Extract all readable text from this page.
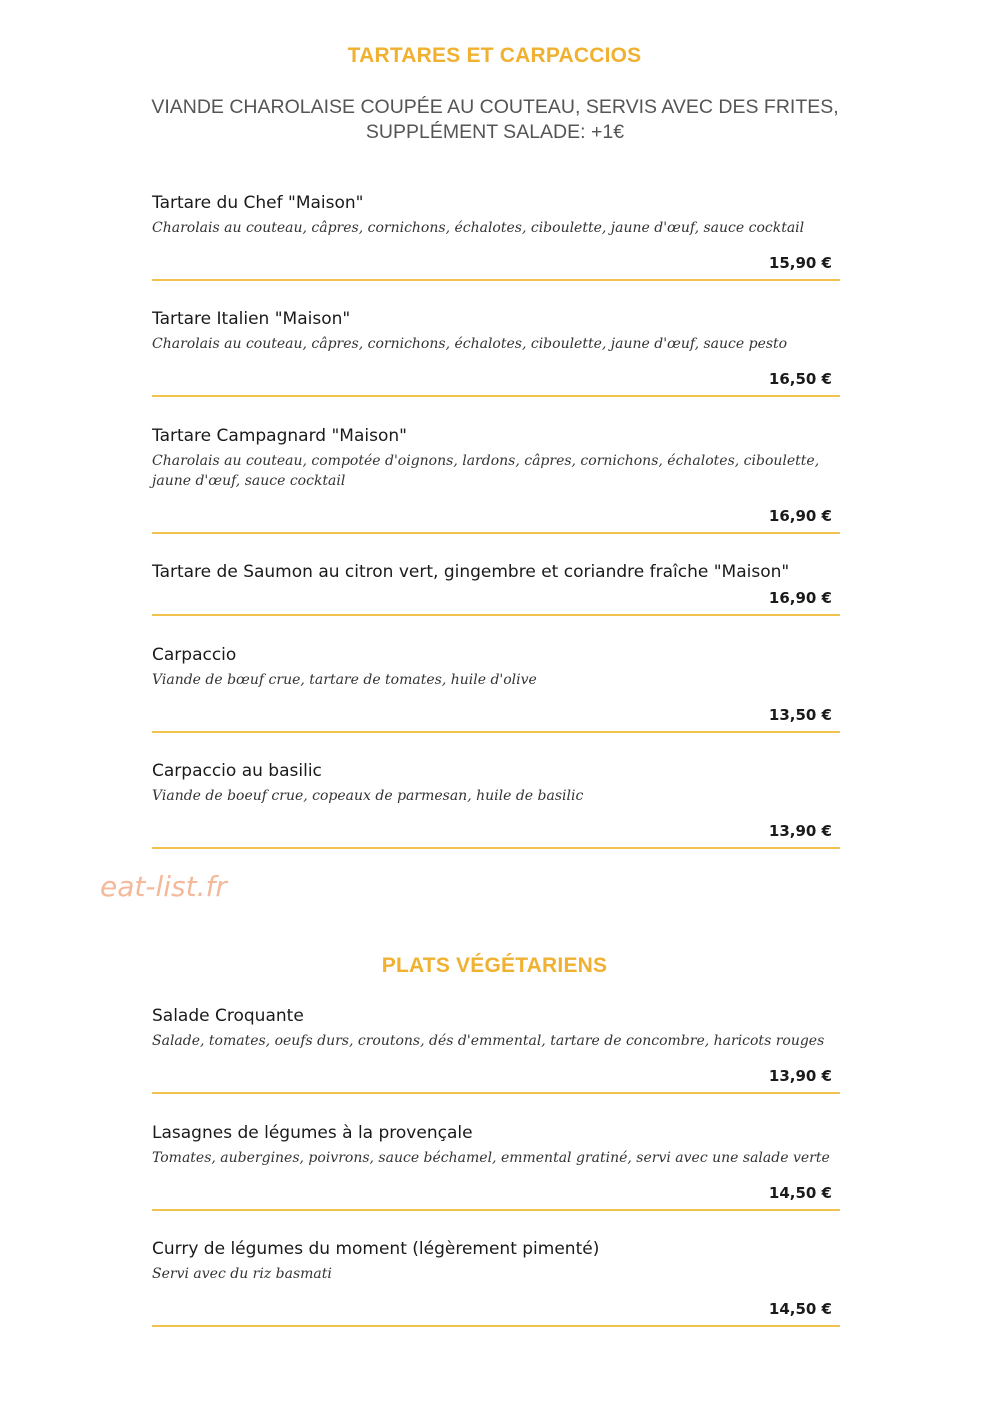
TARTARES ET CARPACCIOS
VIANDE CHAROLAISE COUPÉE AU COUTEAU, SERVIS AVEC DES FRITES, SUPPLÉMENT SALADE: +1€
Tartare du Chef "Maison"
Charolais au couteau, câpres, cornichons, échalotes, ciboulette, jaune d'œuf, sauce cocktail
15,90 €
Tartare Italien "Maison"
Charolais au couteau, câpres, cornichons, échalotes, ciboulette, jaune d'œuf, sauce pesto
16,50 €
Tartare Campagnard "Maison"
Charolais au couteau, compotée d'oignons, lardons, câpres, cornichons, échalotes, ciboulette, jaune d'œuf, sauce cocktail
16,90 €
Tartare de Saumon au citron vert, gingembre et coriandre fraîche "Maison"
16,90 €
Carpaccio
Viande de bœuf crue, tartare de tomates, huile d'olive
13,50 €
Carpaccio au basilic
Viande de boeuf crue, copeaux de parmesan, huile de basilic
13,90 €
eat-list.fr
PLATS VÉGÉTARIENS
Salade Croquante
Salade, tomates, oeufs durs, croutons, dés d'emmental, tartare de concombre, haricots rouges
13,90 €
Lasagnes de légumes à la provençale
Tomates, aubergines, poivrons, sauce béchamel, emmental gratiné, servi avec une salade verte
14,50 €
Curry de légumes du moment (légèrement pimenté)
Servi avec du riz basmati
14,50 €
